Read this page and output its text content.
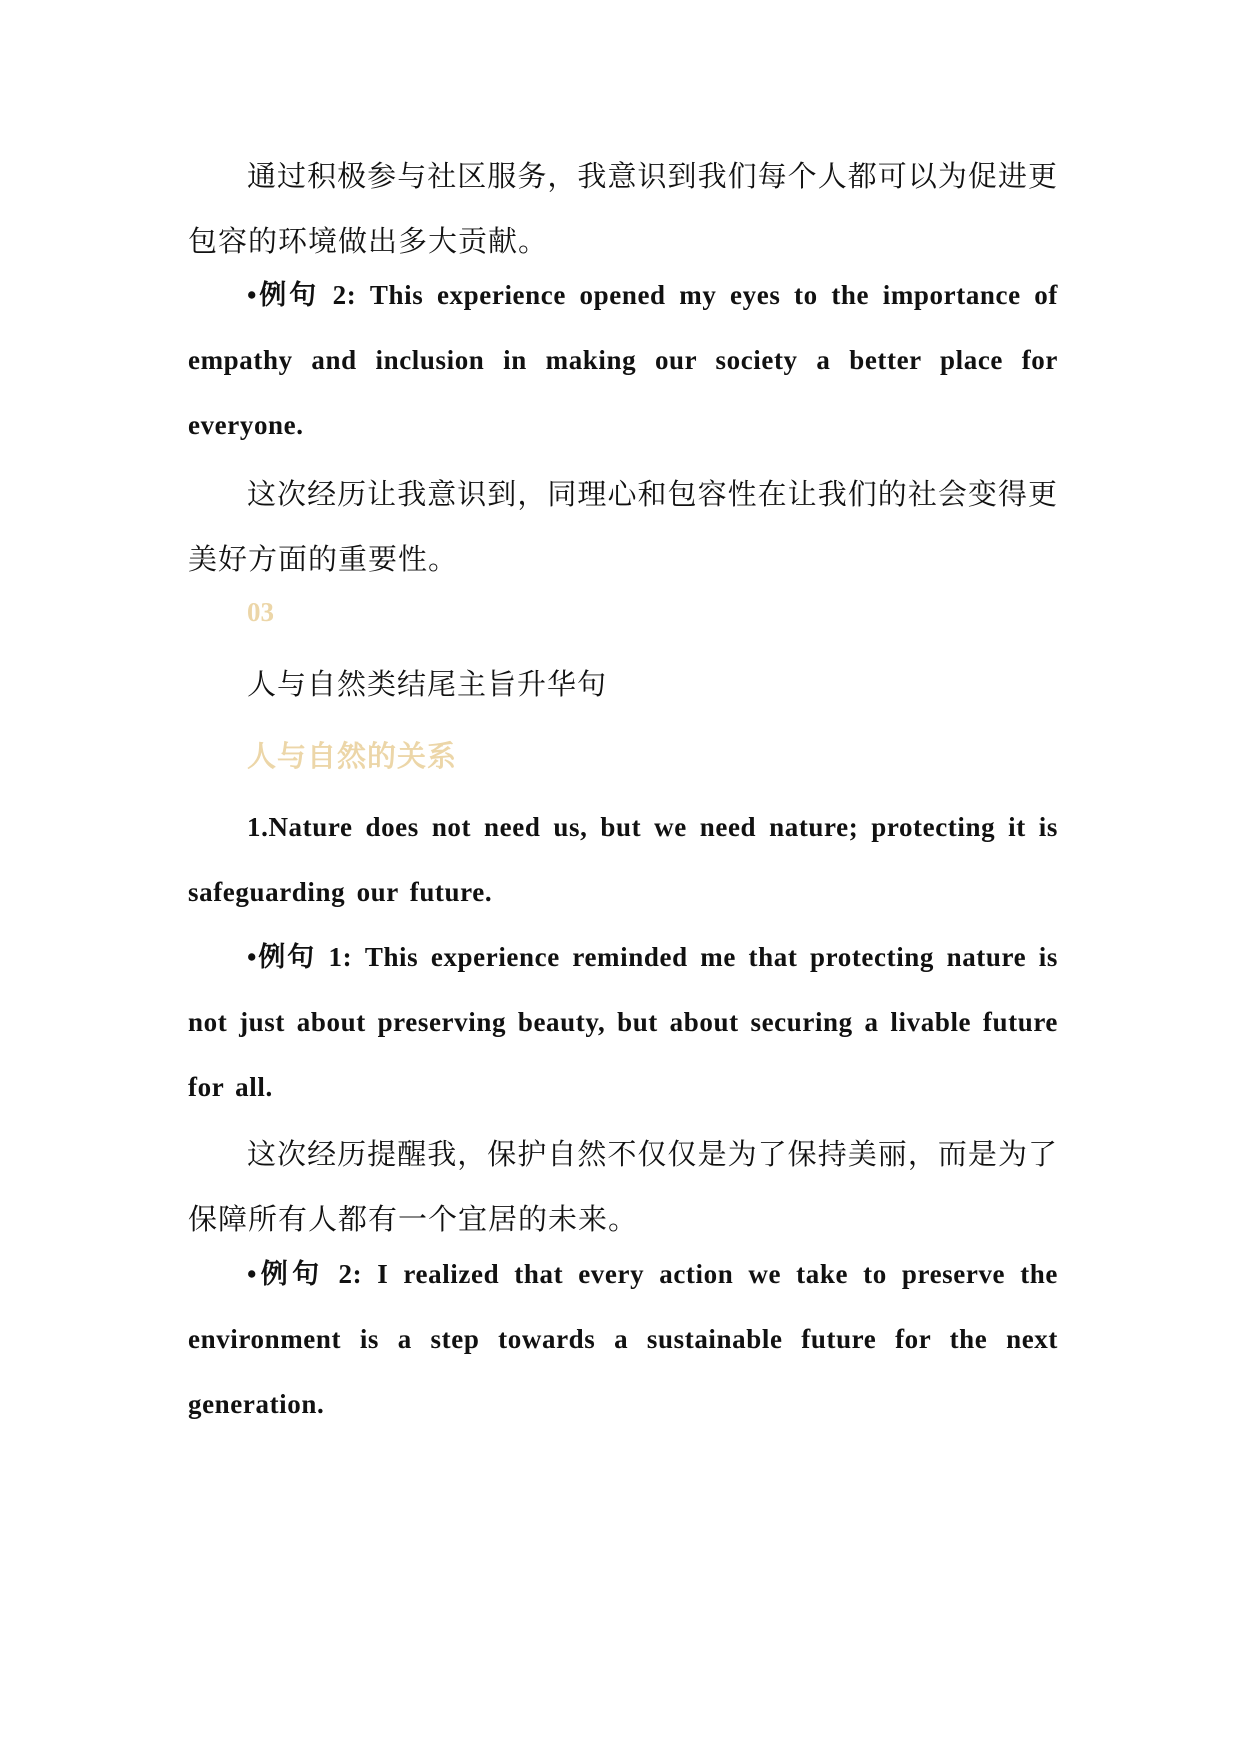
通过积极参与社区服务，我意识到我们每个人都可以为促进更包容的环境做出多大贡献。

•例句 2: This experience opened my eyes to the importance of empathy and inclusion in making our society a better place for everyone.

这次经历让我意识到，同理心和包容性在让我们的社会变得更美好方面的重要性。

03

人与自然类结尾主旨升华句

人与自然的关系

1.Nature does not need us, but we need nature; protecting it is safeguarding our future.

•例句 1: This experience reminded me that protecting nature is not just about preserving beauty, but about securing a livable future for all.

这次经历提醒我，保护自然不仅仅是为了保持美丽，而是为了保障所有人都有一个宜居的未来。

•例句 2: I realized that every action we take to preserve the environment is a step towards a sustainable future for the next generation.
